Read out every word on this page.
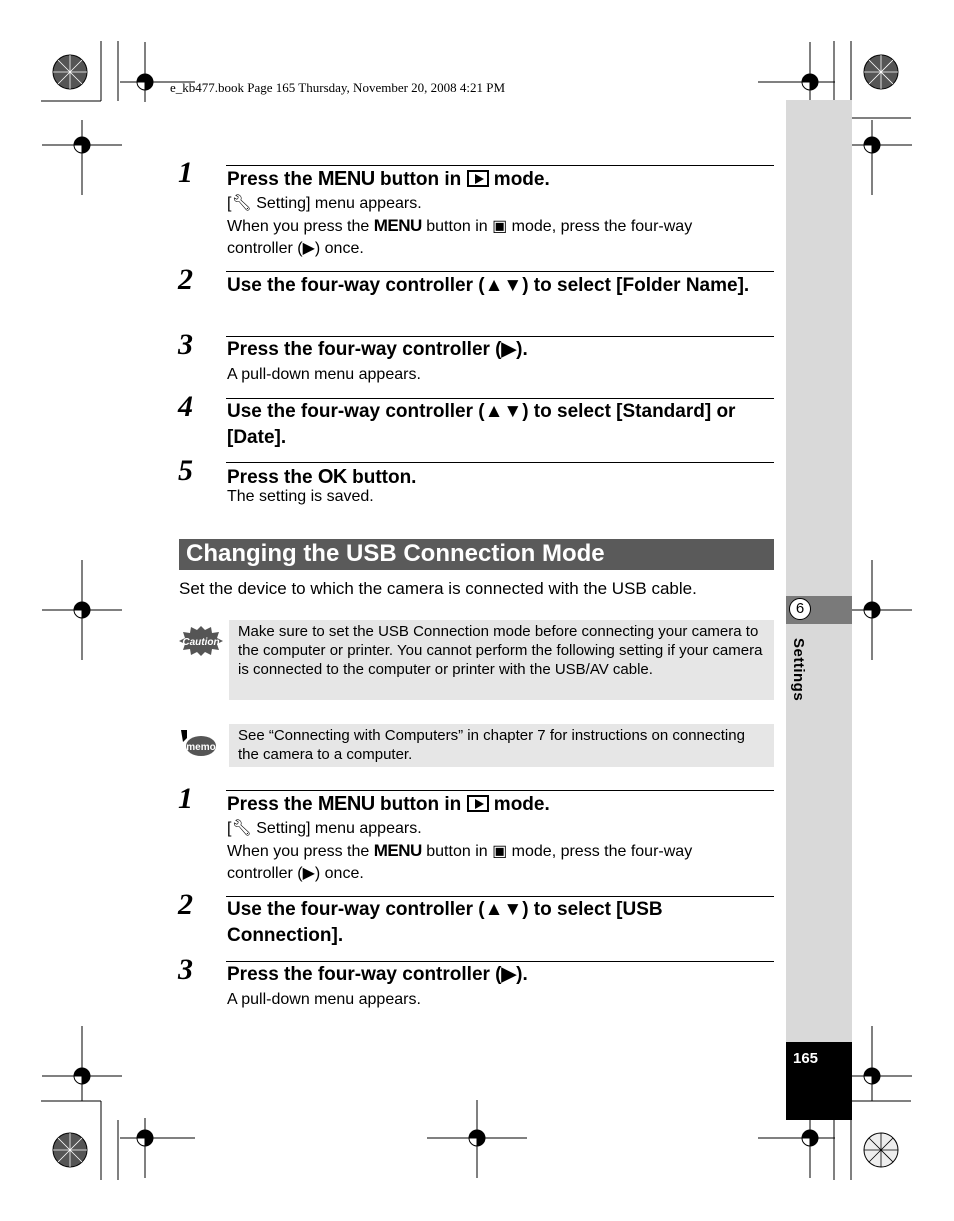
e_kb477.book Page 165 Thursday, November 20, 2008 4:21 PM
6
Settings
165
1 Press the MENU button in  mode.
[🔧︎ Setting] menu appears.
When you press the MENU button in ▣ mode, press the four-way
controller (▶) once.
2 Use the four-way controller (▲▼) to select [Folder Name].
3 Press the four-way controller (▶).
A pull-down menu appears.
4 Use the four-way controller (▲▼) to select [Standard] or [Date].
5 Press the OK button.
The setting is saved.
Changing the USB Connection Mode
Set the device to which the camera is connected with the USB cable.
Caution
Make sure to set the USB Connection mode before connecting your camera to the computer or printer. You cannot perform the following setting if your camera is connected to the computer or printer with the USB/AV cable.
memo
See “Connecting with Computers” in chapter 7 for instructions on connecting the camera to a computer.
1 Press the MENU button in  mode.
[🔧︎ Setting] menu appears.
When you press the MENU button in ▣ mode, press the four-way
controller (▶) once.
2 Use the four-way controller (▲▼) to select [USB Connection].
3 Press the four-way controller (▶).
A pull-down menu appears.
